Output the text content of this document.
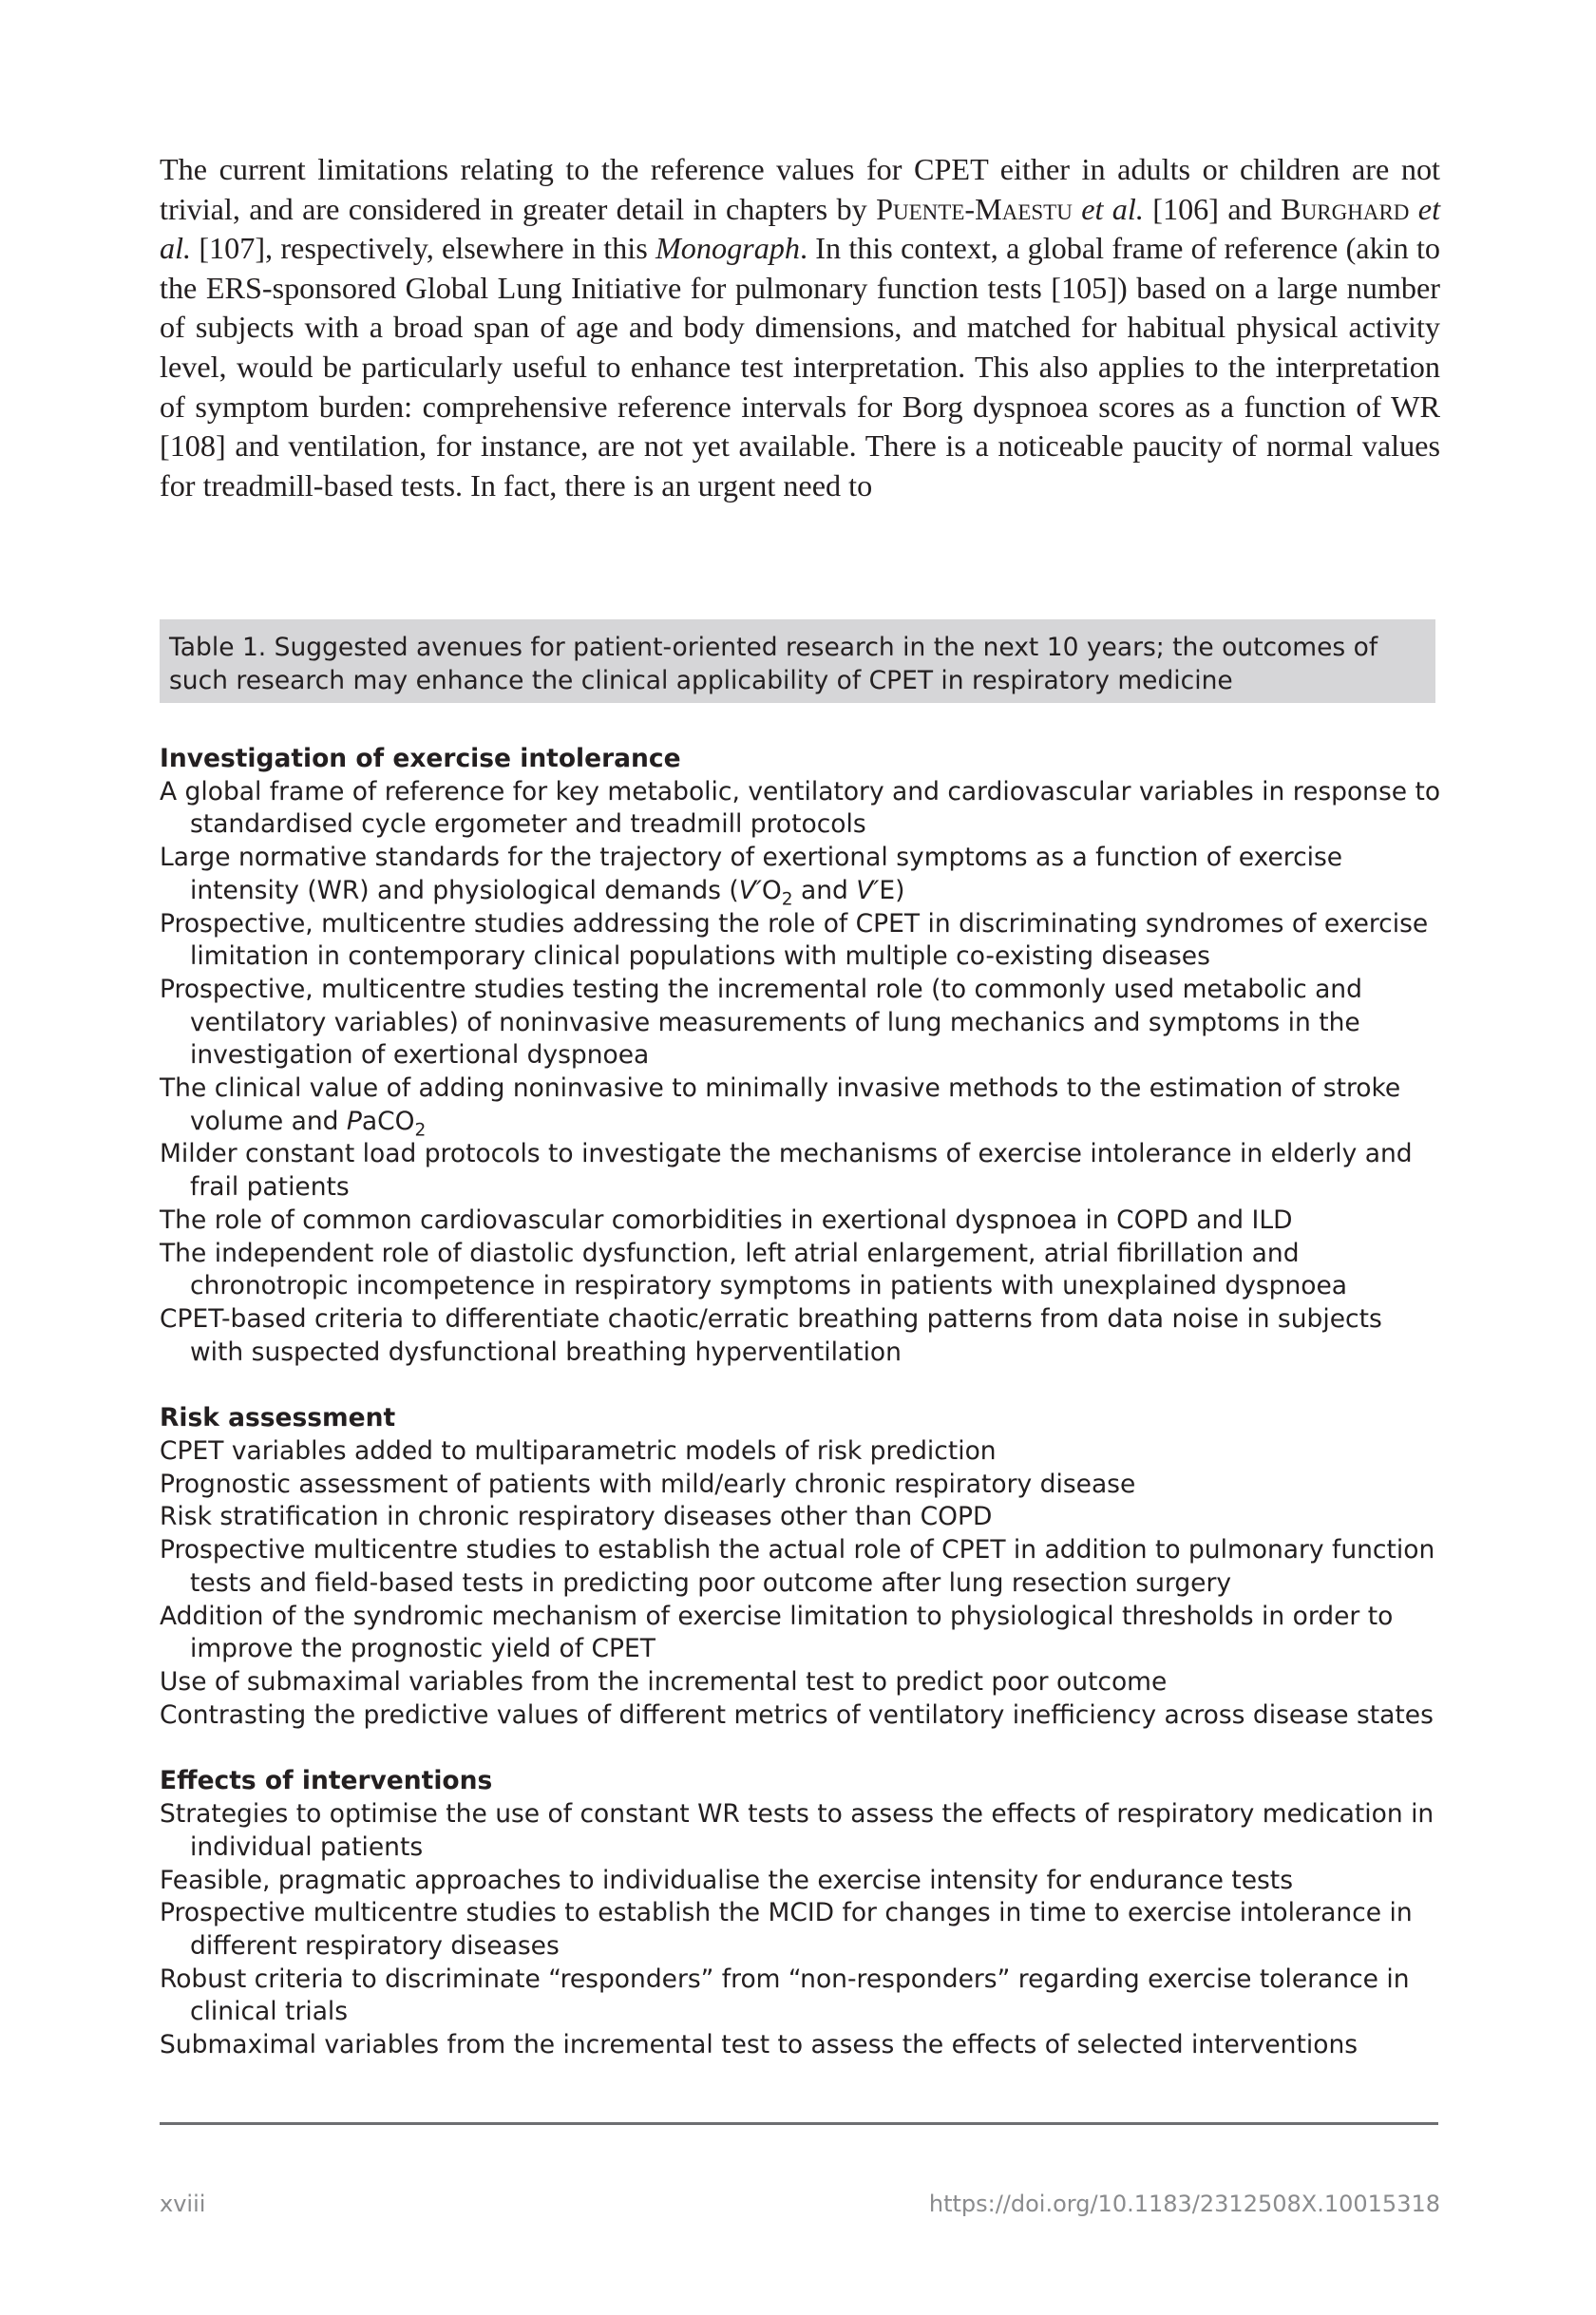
The current limitations relating to the reference values for CPET either in adults or children are not trivial, and are considered in greater detail in chapters by Puente-Maestu et al. [106] and Burghard et al. [107], respectively, elsewhere in this Monograph. In this context, a global frame of reference (akin to the ERS-sponsored Global Lung Initiative for pulmonary function tests [105]) based on a large number of subjects with a broad span of age and body dimensions, and matched for habitual physical activity level, would be particularly useful to enhance test interpretation. This also applies to the interpretation of symptom burden: comprehensive reference intervals for Borg dyspnoea scores as a function of WR [108] and ventilation, for instance, are not yet available. There is a noticeable paucity of normal values for treadmill-based tests. In fact, there is an urgent need to

Table 1. Suggested avenues for patient-oriented research in the next 10 years; the outcomes of such research may enhance the clinical applicability of CPET in respiratory medicine
Investigation of exercise intolerance
A global frame of reference for key metabolic, ventilatory and cardiovascular variables in response to standardised cycle ergometer and treadmill protocols
Large normative standards for the trajectory of exertional symptoms as a function of exercise intensity (WR) and physiological demands ($V'O_2$ and V′E)
Prospective, multicentre studies addressing the role of CPET in discriminating syndromes of exercise limitation in contemporary clinical populations with multiple co-existing diseases
Prospective, multicentre studies testing the incremental role (to commonly used metabolic and ventilatory variables) of noninvasive measurements of lung mechanics and symptoms in the investigation of exertional dyspnoea
The clinical value of adding noninvasive to minimally invasive methods to the estimation of stroke volume and PaCO$_2$
Milder constant load protocols to investigate the mechanisms of exercise intolerance in elderly and frail patients
The role of common cardiovascular comorbidities in exertional dyspnoea in COPD and ILD
The independent role of diastolic dysfunction, left atrial enlargement, atrial fibrillation and chronotropic incompetence in respiratory symptoms in patients with unexplained dyspnoea
CPET-based criteria to differentiate chaotic/erratic breathing patterns from data noise in subjects with suspected dysfunctional breathing hyperventilation
Risk assessment
CPET variables added to multiparametric models of risk prediction
Prognostic assessment of patients with mild/early chronic respiratory disease
Risk stratification in chronic respiratory diseases other than COPD
Prospective multicentre studies to establish the actual role of CPET in addition to pulmonary function tests and field-based tests in predicting poor outcome after lung resection surgery
Addition of the syndromic mechanism of exercise limitation to physiological thresholds in order to improve the prognostic yield of CPET
Use of submaximal variables from the incremental test to predict poor outcome
Contrasting the predictive values of different metrics of ventilatory inefficiency across disease states
Effects of interventions
Strategies to optimise the use of constant WR tests to assess the effects of respiratory medication in individual patients
Feasible, pragmatic approaches to individualise the exercise intensity for endurance tests
Prospective multicentre studies to establish the MCID for changes in time to exercise intolerance in different respiratory diseases
Robust criteria to discriminate “responders” from “non-responders” regarding exercise tolerance in clinical trials
Submaximal variables from the incremental test to assess the effects of selected interventions
xviii	https://doi.org/10.1183/2312508X.10015318
